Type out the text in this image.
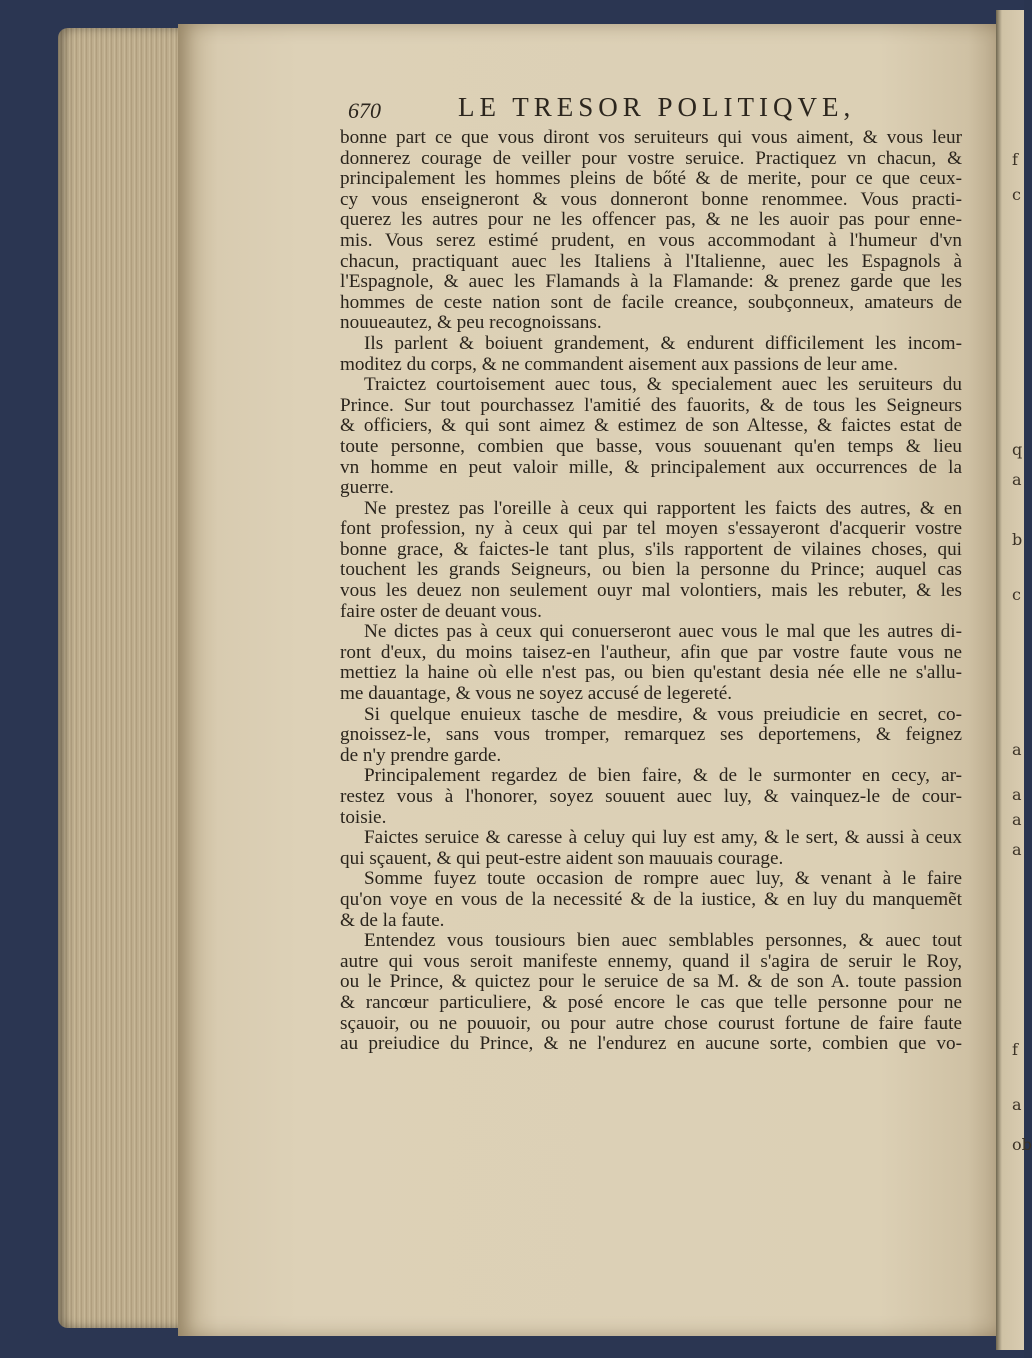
f
c
q
a
b
c
a
a
a
a
f
a
ob
670	LE TRESOR POLITIQVE,
bonne part ce que vous diront vos seruiteurs qui vous aiment, & vous leur
donnerez courage de veiller pour vostre seruice. Practiquez vn chacun, &
principalement les hommes pleins de bőté & de merite, pour ce que ceux-
cy vous enseigneront & vous donneront bonne renommee. Vous practi-
querez les autres pour ne les offencer pas, & ne les auoir pas pour enne-
mis. Vous serez estimé prudent, en vous accommodant à l'humeur d'vn
chacun, practiquant auec les Italiens à l'Italienne, auec les Espagnols à
l'Espagnole, & auec les Flamands à la Flamande: & prenez garde que les
hommes de ceste nation sont de facile creance, soubçonneux, amateurs de
nouueautez, & peu recognoissans.
Ils parlent & boiuent grandement, & endurent difficilement les incom-
moditez du corps, & ne commandent aisement aux passions de leur ame.
Traictez courtoisement auec tous, & specialement auec les seruiteurs du
Prince. Sur tout pourchassez l'amitié des fauorits, & de tous les Seigneurs
& officiers, & qui sont aimez & estimez de son Altesse, & faictes estat de
toute personne, combien que basse, vous souuenant qu'en temps & lieu
vn homme en peut valoir mille, & principalement aux occurrences de la
guerre.
Ne prestez pas l'oreille à ceux qui rapportent les faicts des autres, & en
font profession, ny à ceux qui par tel moyen s'essayeront d'acquerir vostre
bonne grace, & faictes-le tant plus, s'ils rapportent de vilaines choses, qui
touchent les grands Seigneurs, ou bien la personne du Prince; auquel cas
vous les deuez non seulement ouyr mal volontiers, mais les rebuter, & les
faire oster de deuant vous.
Ne dictes pas à ceux qui conuerseront auec vous le mal que les autres di-
ront d'eux, du moins taisez-en l'autheur, afin que par vostre faute vous ne
mettiez la haine où elle n'est pas, ou bien qu'estant desia née elle ne s'allu-
me dauantage, & vous ne soyez accusé de legereté.
Si quelque enuieux tasche de mesdire, & vous preiudicie en secret, co-
gnoissez-le, sans vous tromper, remarquez ses deportemens, & feignez
de n'y prendre garde.
Principalement regardez de bien faire, & de le surmonter en cecy, ar-
restez vous à l'honorer, soyez souuent auec luy, & vainquez-le de cour-
toisie.
Faictes seruice & caresse à celuy qui luy est amy, & le sert, & aussi à ceux
qui sçauent, & qui peut-estre aident son mauuais courage.
Somme fuyez toute occasion de rompre auec luy, & venant à le faire
qu'on voye en vous de la necessité & de la iustice, & en luy du manquemẽt
& de la faute.
Entendez vous tousiours bien auec semblables personnes, & auec tout
autre qui vous seroit manifeste ennemy, quand il s'agira de seruir le Roy,
ou le Prince, & quictez pour le seruice de sa M. & de son A. toute passion
& rancœur particuliere, & posé encore le cas que telle personne pour ne
sçauoir, ou ne pouuoir, ou pour autre chose courust fortune de faire faute
au preiudice du Prince, & ne l'endurez en aucune sorte, combien que vo-
